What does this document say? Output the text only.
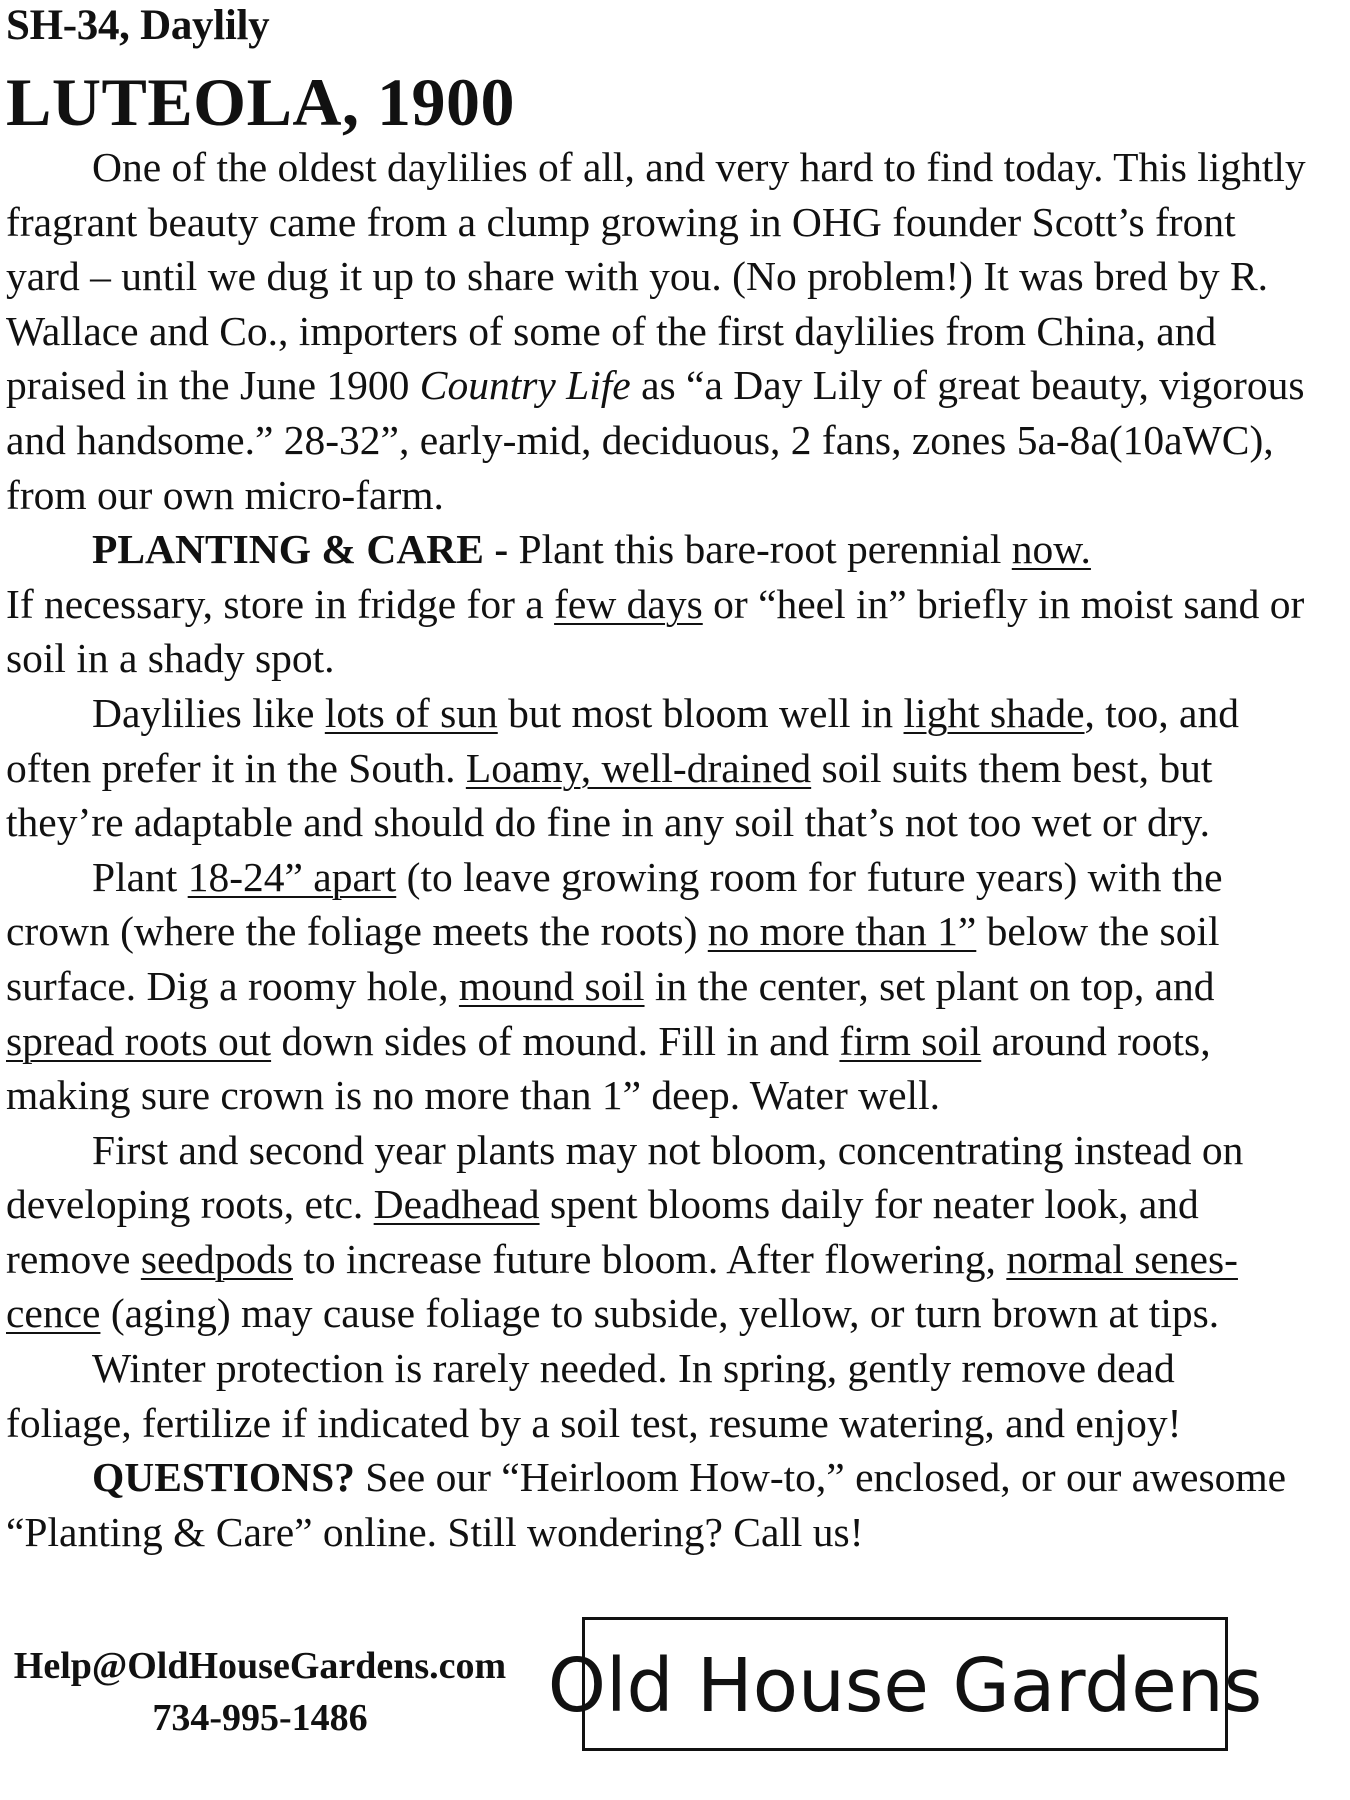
SH-34, Daylily
LUTEOLA, 1900

One of the oldest daylilies of all, and very hard to find today. This lightly fragrant beauty came from a clump growing in OHG founder Scott’s front yard – until we dug it up to share with you. (No problem!) It was bred by R. Wallace and Co., importers of some of the first daylilies from China, and praised in the June 1900 Country Life as “a Day Lily of great beauty, vigorous and handsome.” 28-32”, early-mid, deciduous, 2 fans, zones 5a-8a(10aWC), from our own micro-farm.

PLANTING & CARE - Plant this bare-root perennial now.

If necessary, store in fridge for a few days or “heel in” briefly in moist sand or soil in a shady spot.

Daylilies like lots of sun but most bloom well in light shade, too, and often prefer it in the South. Loamy, well-drained soil suits them best, but they’re adaptable and should do fine in any soil that’s not too wet or dry.

Plant 18-24” apart (to leave growing room for future years) with the crown (where the foliage meets the roots) no more than 1” below the soil surface. Dig a roomy hole, mound soil in the center, set plant on top, and spread roots out down sides of mound. Fill in and firm soil around roots, making sure crown is no more than 1” deep. Water well.

First and second year plants may not bloom, concentrating instead on developing roots, etc. Deadhead spent blooms daily for neater look, and remove seedpods to increase future bloom. After flowering, normal senes-cence (aging) may cause foliage to subside, yellow, or turn brown at tips.

Winter protection is rarely needed. In spring, gently remove dead foliage, fertilize if indicated by a soil test, resume watering, and enjoy!

QUESTIONS? See our “Heirloom How-to,” enclosed, or our awesome “Planting & Care” online. Still wondering? Call us!

Help@OldHouseGardens.com
734-995-1486	Old House Gardens
